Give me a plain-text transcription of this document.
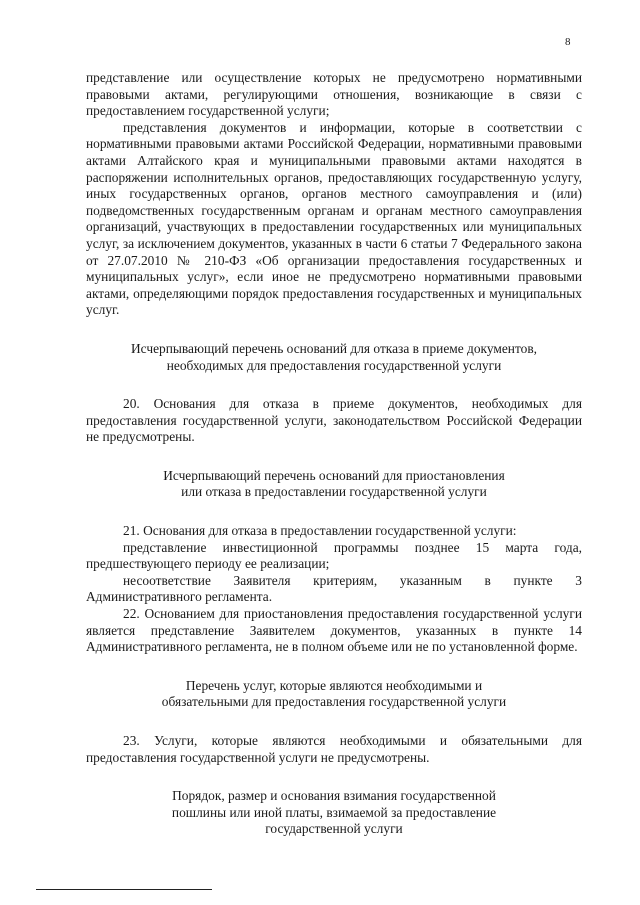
8

представление или осуществление которых не предусмотрено нормативными правовыми актами, регулирующими отношения, возникающие в связи с предоставлением государственной услуги;

представления документов и информации, которые в соответствии с нормативными правовыми актами Российской Федерации, нормативными правовыми актами Алтайского края и муниципальными правовыми актами находятся в распоряжении исполнительных органов, предоставляющих государственную услугу, иных государственных органов, органов местного самоуправления и (или) подведомственных государственным органам и органам местного самоуправления организаций, участвующих в предоставлении государственных или муниципальных услуг, за исключением документов, указанных в части 6 статьи 7 Федерального закона от 27.07.2010 № 210-ФЗ «Об организации предоставления государственных и муниципальных услуг», если иное не предусмотрено нормативными правовыми актами, определяющими порядок предоставления государственных и муниципальных услуг.

Исчерпывающий перечень оснований для отказа в приеме документов,

необходимых для предоставления государственной услуги

20. Основания для отказа в приеме документов, необходимых для предоставления государственной услуги, законодательством Российской Федерации не предусмотрены.

Исчерпывающий перечень оснований для приостановления

или отказа в предоставлении государственной услуги

21. Основания для отказа в предоставлении государственной услуги:

представление инвестиционной программы позднее 15 марта года, предшествующего периоду ее реализации;

несоответствие Заявителя критериям, указанным в пункте 3 Административного регламента.

22. Основанием для приостановления предоставления государственной услуги является представление Заявителем документов, указанных в пункте 14 Административного регламента, не в полном объеме или не по установленной форме.

Перечень услуг, которые являются необходимыми и

обязательными для предоставления государственной услуги

23. Услуги, которые являются необходимыми и обязательными для предоставления государственной услуги не предусмотрены.

Порядок, размер и основания взимания государственной

пошлины или иной платы, взимаемой за предоставление

государственной услуги
